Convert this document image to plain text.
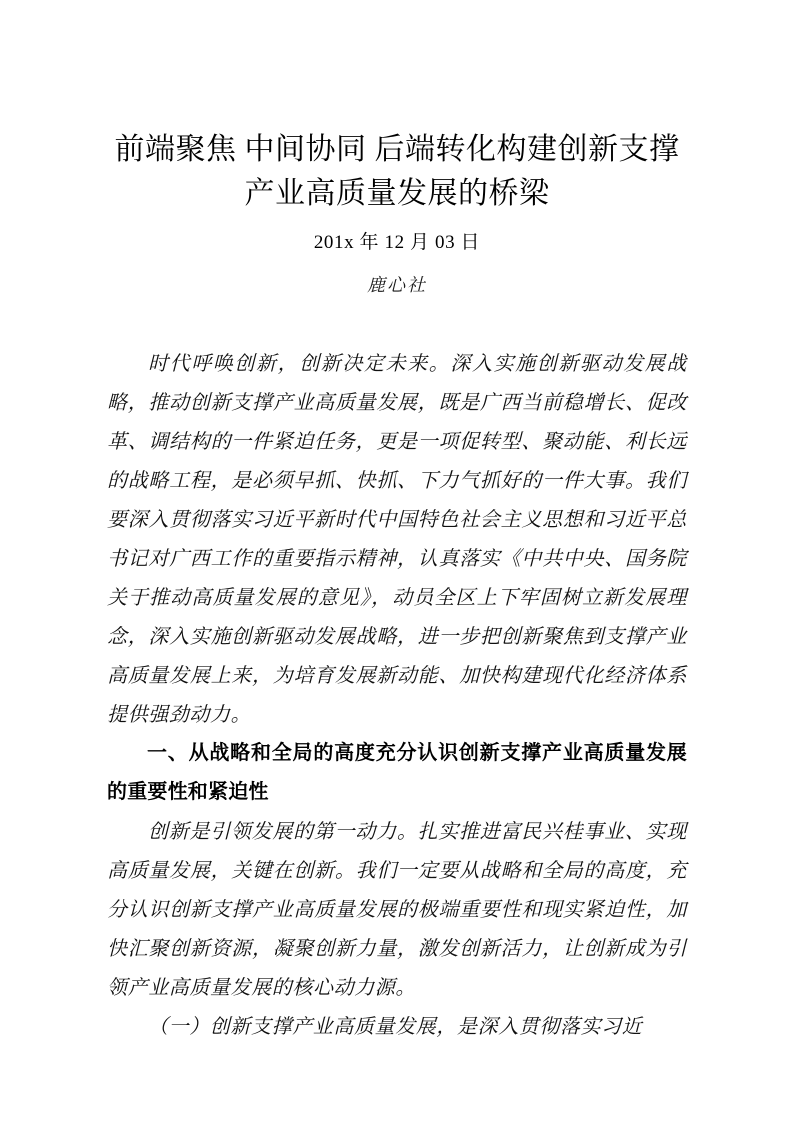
前端聚焦 中间协同 后端转化构建创新支撑产业高质量发展的桥梁
201x 年 12 月 03 日
鹿心社

时代呼唤创新，创新决定未来。深入实施创新驱动发展战略，推动创新支撑产业高质量发展，既是广西当前稳增长、促改革、调结构的一件紧迫任务，更是一项促转型、聚动能、利长远的战略工程，是必须早抓、快抓、下力气抓好的一件大事。我们要深入贯彻落实习近平新时代中国特色社会主义思想和习近平总书记对广西工作的重要指示精神，认真落实《中共中央、国务院关于推动高质量发展的意见》，动员全区上下牢固树立新发展理念，深入实施创新驱动发展战略，进一步把创新聚焦到支撑产业高质量发展上来，为培育发展新动能、加快构建现代化经济体系提供强劲动力。

一、从战略和全局的高度充分认识创新支撑产业高质量发展的重要性和紧迫性

创新是引领发展的第一动力。扎实推进富民兴桂事业、实现高质量发展，关键在创新。我们一定要从战略和全局的高度，充分认识创新支撑产业高质量发展的极端重要性和现实紧迫性，加快汇聚创新资源，凝聚创新力量，激发创新活力，让创新成为引领产业高质量发展的核心动力源。

（一）创新支撑产业高质量发展，是深入贯彻落实习近
